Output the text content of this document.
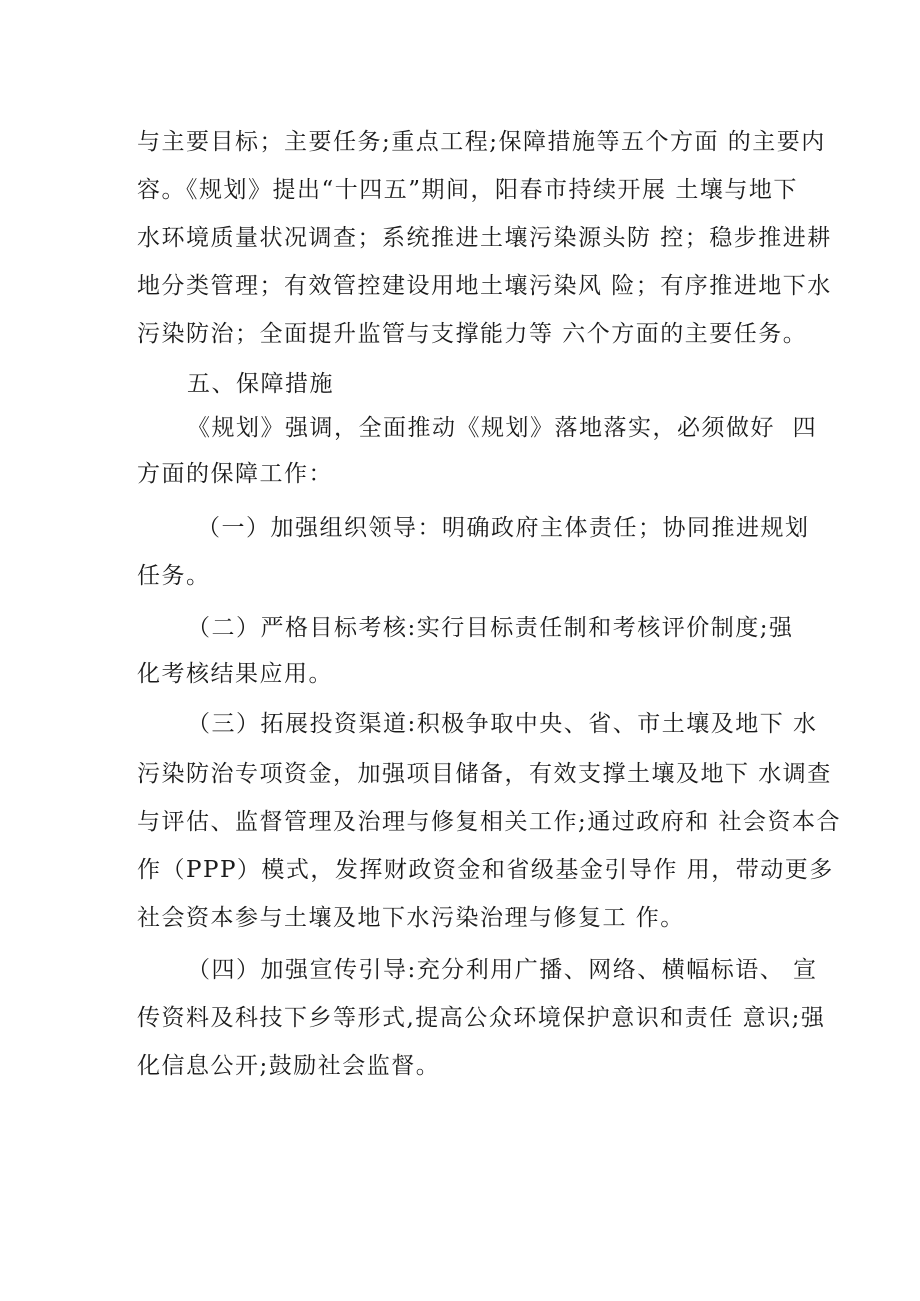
与主要目标；主要任务;重点工程;保障措施等五个方面 的主要内
容。《规划》提出“十四五”期间，阳春市持续开展 土壤与地下
水环境质量状况调查；系统推进土壤污染源头防 控；稳步推进耕
地分类管理；有效管控建设用地土壤污染风 险；有序推进地下水
污染防治；全面提升监管与支撑能力等 六个方面的主要任务。
五、保障措施
《规划》强调，全面推动《规划》落地落实，必须做好  四
方面的保障工作：
（一）加强组织领导：明确政府主体责任；协同推进规划
任务。
（二）严格目标考核:实行目标责任制和考核评价制度;强
化考核结果应用。
（三）拓展投资渠道:积极争取中央、省、市土壤及地下 水
污染防治专项资金，加强项目储备，有效支撑土壤及地下 水调查
与评估、监督管理及治理与修复相关工作;通过政府和 社会资本合
作（PPP）模式，发挥财政资金和省级基金引导作 用，带动更多
社会资本参与土壤及地下水污染治理与修复工 作。
（四）加强宣传引导:充分利用广播、网络、横幅标语、 宣
传资料及科技下乡等形式,提高公众环境保护意识和责任 意识;强
化信息公开;鼓励社会监督。
